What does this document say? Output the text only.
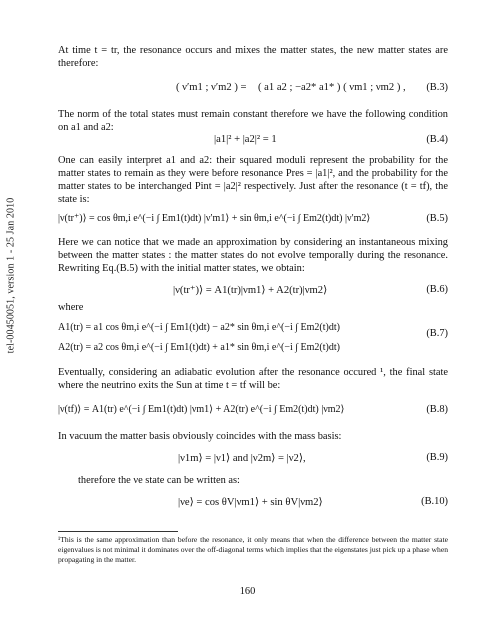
tel-00450051, version 1 - 25 Jan 2010
At time t = tr, the resonance occurs and mixes the matter states, the new matter states are therefore:
( ν′m1 ; ν′m2 ) = ( a1 a2 ; −a2* a1* ) ( νm1 ; νm2 ) , (B.3)
The norm of the total states must remain constant therefore we have the following condition on a1 and a2:
|a1|² + |a2|² = 1	(B.4)
One can easily interpret a1 and a2: their squared moduli represent the probability for the matter states to remain as they were before resonance Pres = |a1|², and the probability for the matter states to be interchanged Pint = |a2|² respectively. Just after the resonance (t = tf), the state is:
|ν(tr⁺)⟩ = cos θm,i e^(−i ∫ Em1(t)dt) |ν′m1⟩ + sin θm,i e^(−i ∫ Em2(t)dt) |ν′m2⟩	(B.5)
Here we can notice that we made an approximation by considering an instantaneous mixing between the matter states : the matter states do not evolve temporally during the resonance. Rewriting Eq.(B.5) with the initial matter states, we obtain:
|ν(tr⁺)⟩ = A1(tr)|νm1⟩ + A2(tr)|νm2⟩	(B.6)
where
A1(tr) = a1 cos θm,i e^(−i ∫ Em1(t)dt) − a2* sin θm,i e^(−i ∫ Em2(t)dt)
(B.7)
A2(tr) = a2 cos θm,i e^(−i ∫ Em1(t)dt) + a1* sin θm,i e^(−i ∫ Em2(t)dt)
Eventually, considering an adiabatic evolution after the resonance occured ¹, the final state where the neutrino exits the Sun at time t = tf will be:
|ν(tf)⟩ = A1(tr) e^(−i ∫ Em1(t)dt) |νm1⟩ + A2(tr) e^(−i ∫ Em2(t)dt) |νm2⟩	(B.8)
In vacuum the matter basis obviously coincides with the mass basis:
|ν1m⟩ = |ν1⟩ and |ν2m⟩ = |ν2⟩,	(B.9)
therefore the νe state can be written as:
|νe⟩ = cos θV|νm1⟩ + sin θV|νm2⟩	(B.10)
¹This is the same approximation than before the resonance, it only means that when the difference between the matter state eigenvalues is not minimal it dominates over the off-diagonal terms which implies that the eigenstates just pick up a phase when propagating in the matter.
160
